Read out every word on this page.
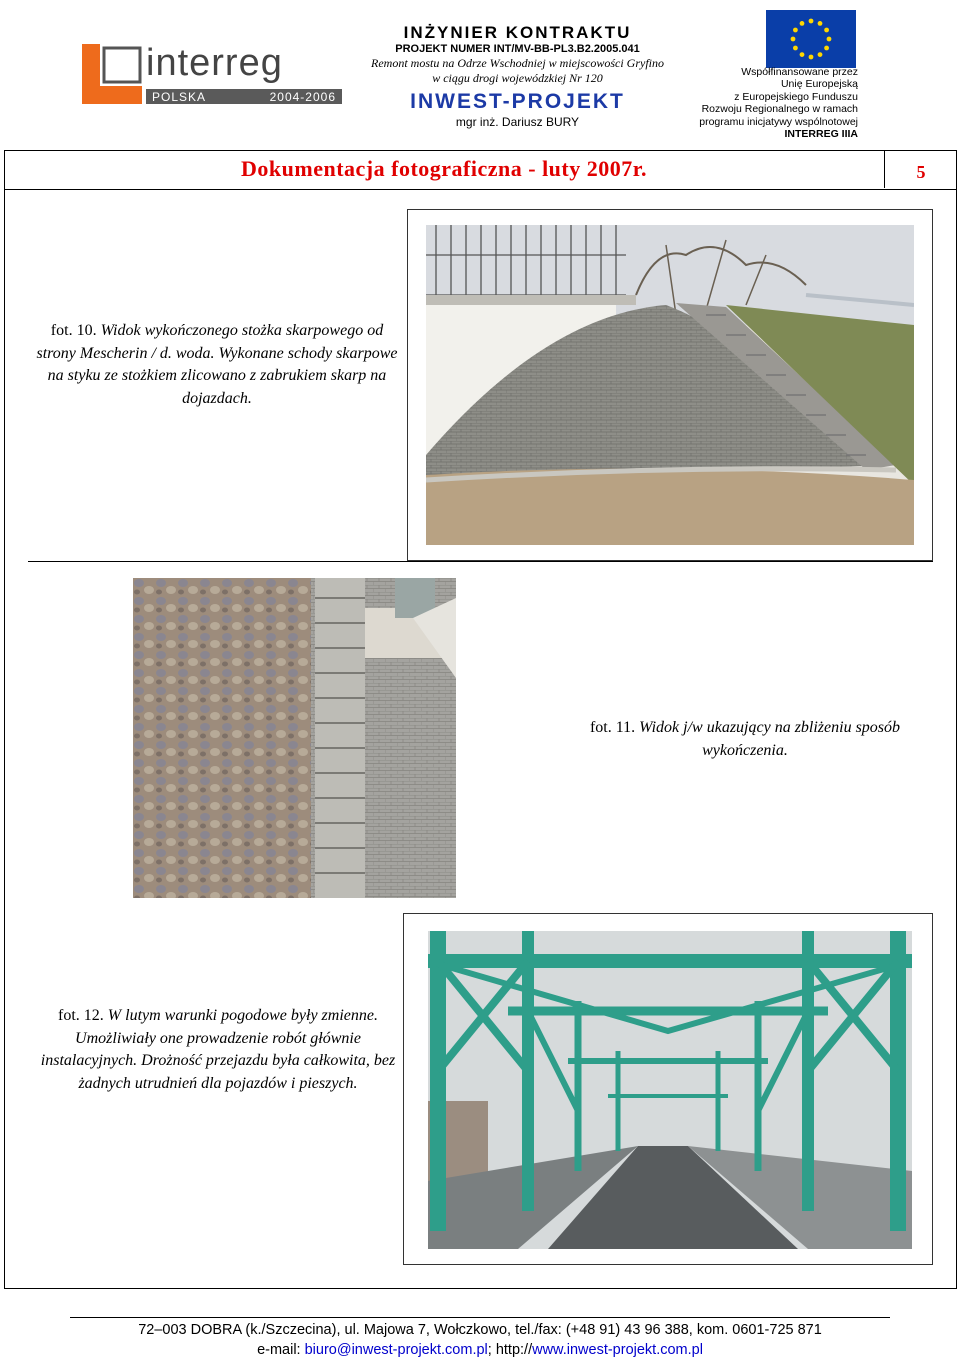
interreg
POLSKA	2004-2006
INŻYNIER KONTRAKTU
PROJEKT NUMER INT/MV-BB-PL3.B2.2005.041
Remont mostu na Odrze Wschodniej w miejscowości Gryfino
w ciągu drogi wojewódzkiej Nr 120
INWEST-PROJEKT
mgr inż. Dariusz BURY
Współfinansowane przez
Unię Europejską
z Europejskiego Funduszu
Rozwoju Regionalnego w ramach
programu inicjatywy wspólnotowej
INTERREG IIIA
Dokumentacja fotograficzna - luty 2007r.	5
fot. 10. Widok wykończonego stożka skarpowego od strony Mescherin / d. woda. Wykonane schody skarpowe na styku ze stożkiem zlicowano z zabrukiem skarp na dojazdach.
fot. 11. Widok j/w ukazujący na zbliżeniu sposób wykończenia.
fot. 12. W lutym warunki pogodowe były zmienne. Umożliwiały one prowadzenie robót głównie instalacyjnych. Drożność przejazdu była całkowita, bez żadnych utrudnień dla pojazdów i pieszych.
72–003 DOBRA (k./Szczecina), ul. Majowa 7, Wołczkowo, tel./fax: (+48 91) 43 96 388, kom. 0601-725 871
e-mail: biuro@inwest-projekt.com.pl; http://www.inwest-projekt.com.pl
